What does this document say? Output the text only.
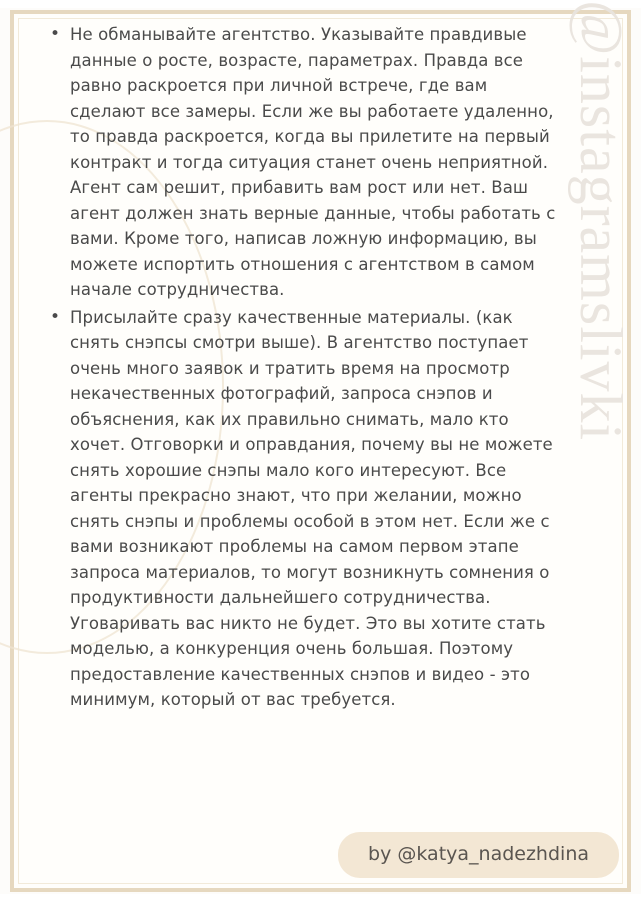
@instagramslivki
• Не обманывайте агентство. Указывайте правдивые данные о росте, возрасте, параметрах. Правда все равно раскроется при личной встрече, где вам сделают все замеры. Если же вы работаете удаленно, то правда раскроется, когда вы прилетите на первый контракт и тогда ситуация станет очень неприятной. Агент сам решит, прибавить вам рост или нет. Ваш агент должен знать верные данные, чтобы работать с вами. Кроме того, написав ложную информацию, вы можете испортить отношения с агентством в самом начале сотрудничества.
• Присылайте сразу качественные материалы. (как снять снэпсы смотри выше). В агентство поступает очень много заявок и тратить время на просмотр некачественных фотографий, запроса снэпов и объяснения, как их правильно снимать, мало кто хочет. Отговорки и оправдания, почему вы не можете снять хорошие снэпы мало кого интересуют. Все агенты прекрасно знают, что при желании, можно снять снэпы и проблемы особой в этом нет. Если же с вами возникают проблемы на самом первом этапе запроса материалов, то могут возникнуть сомнения о продуктивности дальнейшего сотрудничества. Уговаривать вас никто не будет. Это вы хотите стать моделью, а конкуренция очень большая. Поэтому предоставление качественных снэпов и видео - это минимум, который от вас требуется.
by @katya_nadezhdina
